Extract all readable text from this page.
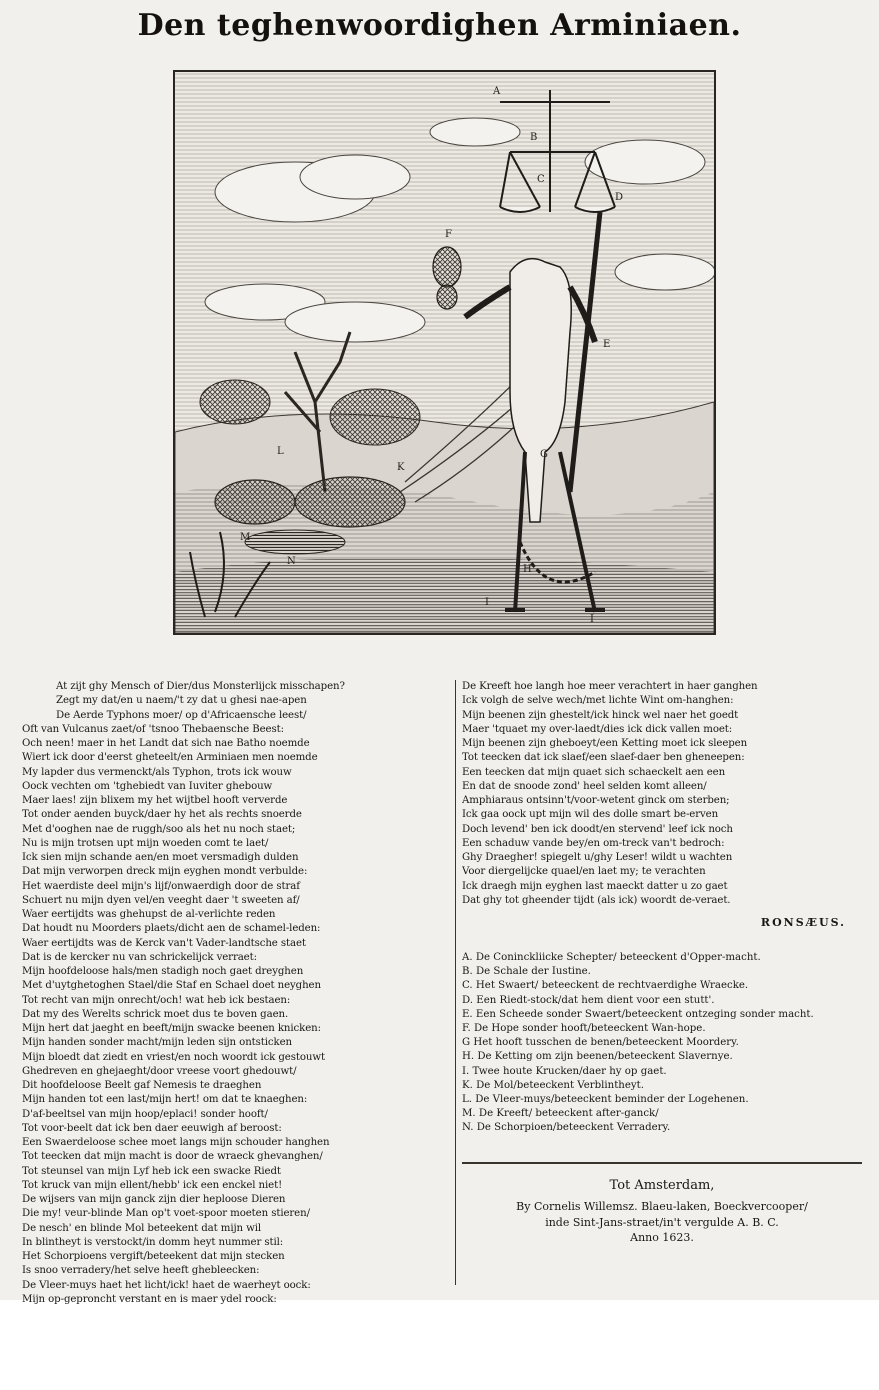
Den teghenwoordighen Arminiaen.
A
B
C
D
E
F
G
H
I
I
K
L
M
N
At zijt ghy Mensch of Dier/dus Monsterlijck misschapen?
Zegt my dat/en u naem/'t zy dat u ghesi nae-apen
De Aerde Typhons moer/ op d'Africaensche leest/
Oft van Vulcanus zaet/of 'tsnoo Thebaensche Beest:
Och neen! maer in het Landt dat sich nae Batho noemde
Wiert ick door d'eerst gheteelt/en Arminiaen men noemde
My lapder dus vermenckt/als Typhon, trots ick wouw
Oock vechten om 'tghebiedt van Iuviter ghebouw
Maer laes! zijn blixem my het wijtbel hooft ververde
Tot onder aenden buyck/daer hy het als rechts snoerde
Met d'ooghen nae de ruggh/soo als het nu noch staet;
Nu is mijn trotsen upt mijn woeden comt te laet/
Ick sien mijn schande aen/en moet versmadigh dulden
Dat mijn verworpen dreck mijn eyghen mondt verbulde:
Het waerdiste deel mijn's lijf/onwaerdigh door de straf
Schuert nu mijn dyen vel/en veeght daer 't sweeten af/
Waer eertijdts was ghehupst de al-verlichte reden
Dat houdt nu Moorders plaets/dicht aen de schamel-leden:
Waer eertijdts was de Kerck van't Vader-landtsche staet
Dat is de kercker nu van schrickelijck verraet:
Mijn hoofdeloose hals/men stadigh noch gaet dreyghen
Met d'uytghetoghen Stael/die Staf en Schael doet neyghen
Tot recht van mijn onrecht/och! wat heb ick bestaen:
Dat my des Werelts schrick moet dus te boven gaen.
Mijn hert dat jaeght en beeft/mijn swacke beenen knicken:
Mijn handen sonder macht/mijn leden sijn ontsticken
Mijn bloedt dat ziedt en vriest/en noch woordt ick gestouwt
Ghedreven en ghejaeght/door vreese voort ghedouwt/
Dit hoofdeloose Beelt gaf Nemesis te draeghen
Mijn handen tot een last/mijn hert! om dat te knaeghen:
D'af-beeltsel van mijn hoop/eplaci! sonder hooft/
Tot voor-beelt dat ick ben daer eeuwigh af beroost:
Een Swaerdeloose schee moet langs mijn schouder hanghen
Tot teecken dat mijn macht is door de wraeck ghevanghen/
Tot steunsel van mijn Lyf heb ick een swacke Riedt
Tot kruck van mijn ellent/hebb' ick een enckel niet!
De wijsers van mijn ganck zijn dier heploose Dieren
Die my! veur-blinde Man op't voet-spoor moeten stieren/
De nesch' en blinde Mol beteekent dat mijn wil
In blintheyt is verstockt/in domm heyt nummer stil:
Het Schorpioens vergift/beteekent dat mijn stecken
Is snoo verradery/het selve heeft ghebleecken:
De Vleer-muys haet het licht/ick! haet de waerheyt oock:
Mijn op-geproncht verstant en is maer ydel roock:
De Kreeft hoe langh hoe meer verachtert in haer ganghen
Ick volgh de selve wech/met lichte Wint om-hanghen:
Mijn beenen zijn ghestelt/ick hinck wel naer het goedt
Maer 'tquaet my over-laedt/dies ick dick vallen moet:
Mijn beenen zijn gheboeyt/een Ketting moet ick sleepen
Tot teecken dat ick slaef/een slaef-daer ben gheneepen:
Een teecken dat mijn quaet sich schaeckelt aen een
En dat de snoode zond' heel selden komt alleen/
Amphiaraus ontsinn't/voor-wetent ginck om sterben;
Ick gaa oock upt mijn wil des dolle smart be-erven
Doch levend' ben ick doodt/en stervend' leef ick noch
Een schaduw vande bey/en om-treck van't bedroch:
Ghy Draegher! spiegelt u/ghy Leser! wildt u wachten
Voor diergelijcke quael/en laet my; te verachten
Ick draegh mijn eyghen last maeckt datter u zo gaet
Dat ghy tot gheender tijdt (als ick) woordt de-veraet.
RONSÆUS.
A. De Coninckliicke Schepter/ beteeckent d'Opper-macht.
B. De Schale der Iustine.
C. Het Swaert/ beteeckent de rechtvaerdighe Wraecke.
D. Een Riedt-stock/dat hem dient voor een stutt'.
E. Een Scheede sonder Swaert/beteeckent ontzeging sonder macht.
F. De Hope sonder hooft/beteeckent Wan-hope.
G Het hooft tusschen de benen/beteeckent Moordery.
H. De Ketting om zijn beenen/beteeckent Slavernye.
I. Twee houte Krucken/daer hy op gaet.
K. De Mol/beteeckent Verblintheyt.
L. De Vleer-muys/beteeckent beminder der Logehenen.
M. De Kreeft/ beteeckent after-ganck/
N. De Schorpioen/beteeckent Verradery.
Tot Amsterdam,
By Cornelis Willemsz. Blaeu-laken, Boeckvercooper/
inde Sint-Jans-straet/in't vergulde A. B. C.
Anno 1623.
